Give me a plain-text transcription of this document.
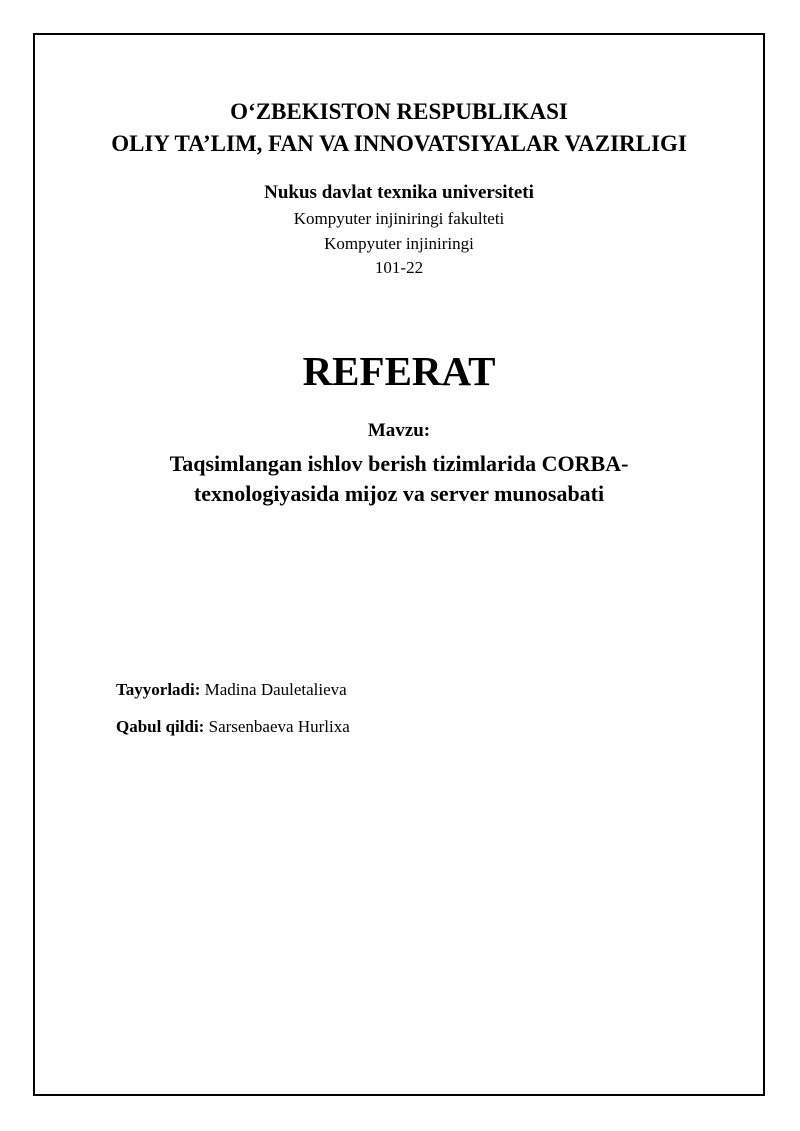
O‘ZBEKISTON RESPUBLIKASI
OLIY TA’LIM, FAN VA INNOVATSIYALAR VAZIRLIGI
Nukus davlat texnika universiteti
Kompyuter injiniringi fakulteti
Kompyuter injiniringi
101-22
REFERAT
Mavzu:
Taqsimlangan ishlov berish tizimlarida CORBA-
texnologiyasida mijoz va server munosabati
Tayyorladi: Madina Dauletalieva
Qabul qildi: Sarsenbaeva Hurlixa
